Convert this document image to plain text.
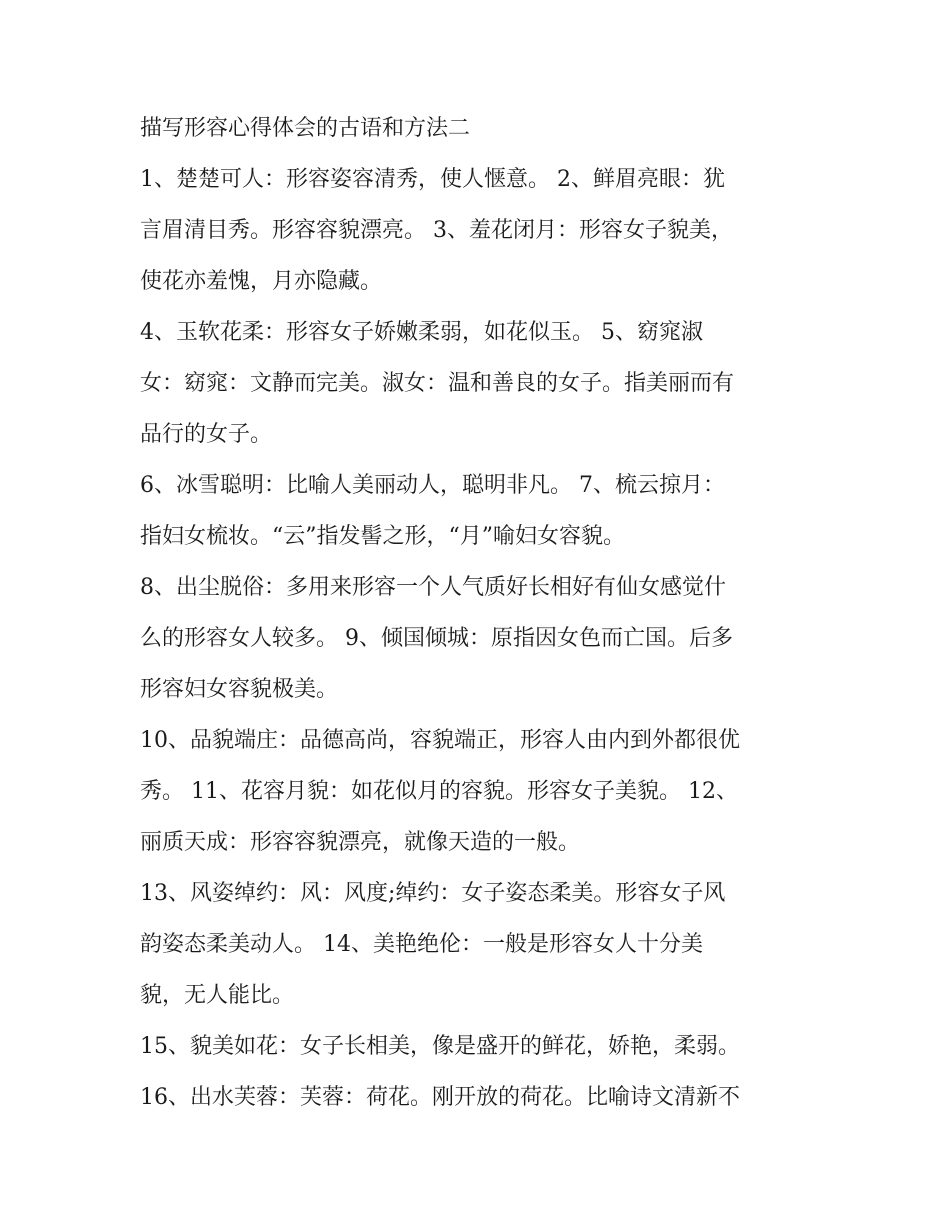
描写形容心得体会的古语和方法二

1、楚楚可人：形容姿容清秀，使人惬意。 2、鲜眉亮眼：犹
言眉清目秀。形容容貌漂亮。 3、羞花闭月：形容女子貌美，
使花亦羞愧，月亦隐藏。

4、玉软花柔：形容女子娇嫩柔弱，如花似玉。 5、窈窕淑
女：窈窕：文静而完美。淑女：温和善良的女子。指美丽而有
品行的女子。

6、冰雪聪明：比喻人美丽动人，聪明非凡。 7、梳云掠月：
指妇女梳妆。“云”指发髻之形，“月”喻妇女容貌。

8、出尘脱俗：多用来形容一个人气质好长相好有仙女感觉什
么的形容女人较多。 9、倾国倾城：原指因女色而亡国。后多
形容妇女容貌极美。

10、品貌端庄：品德高尚，容貌端正，形容人由内到外都很优
秀。 11、花容月貌：如花似月的容貌。形容女子美貌。 12、
丽质天成：形容容貌漂亮，就像天造的一般。

13、风姿绰约：风：风度;绰约：女子姿态柔美。形容女子风
韵姿态柔美动人。 14、美艳绝伦：一般是形容女人十分美
貌，无人能比。

15、貌美如花：女子长相美，像是盛开的鲜花，娇艳，柔弱。

16、出水芙蓉：芙蓉：荷花。刚开放的荷花。比喻诗文清新不
